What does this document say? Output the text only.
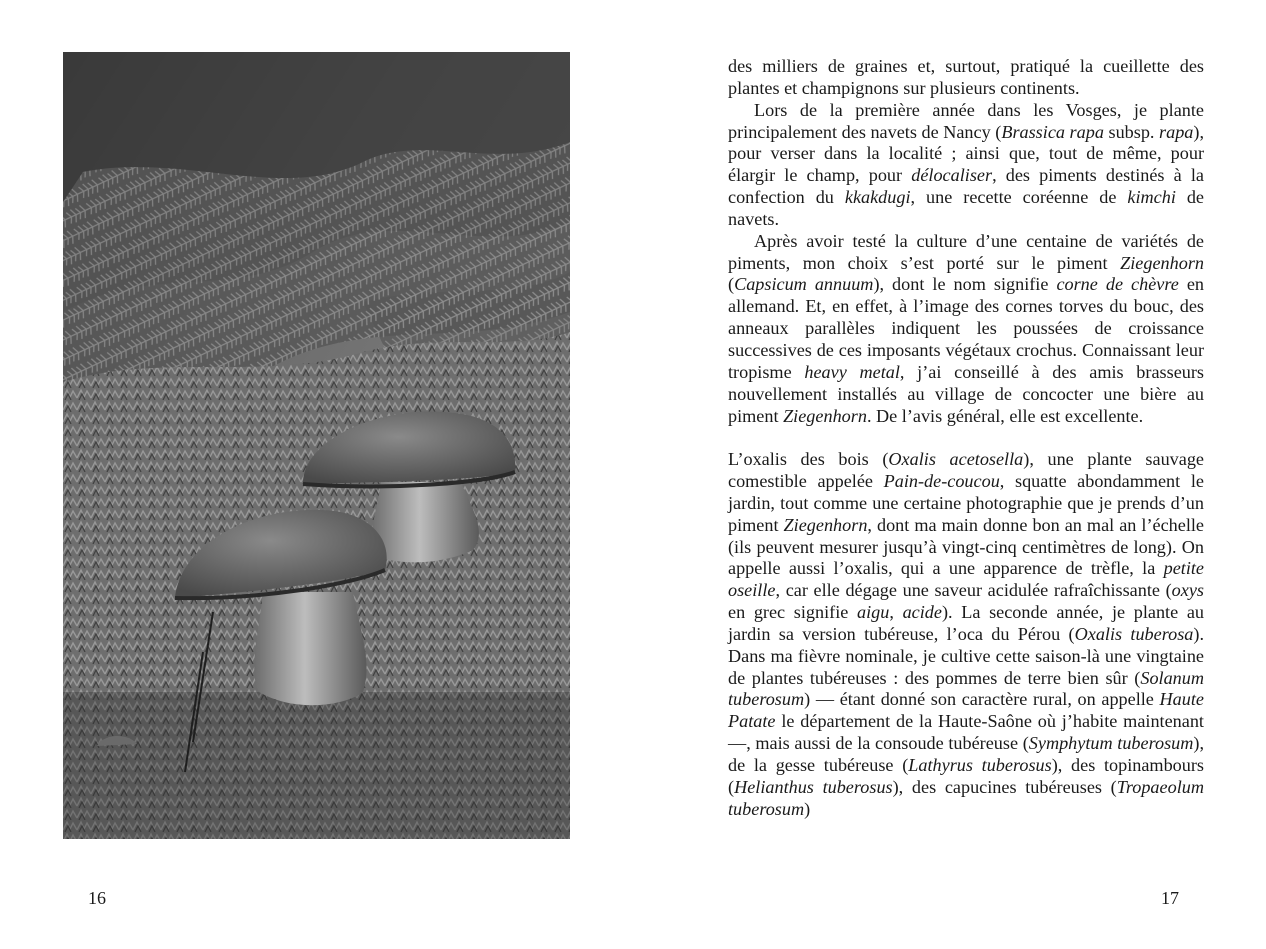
16

des milliers de graines et, surtout, pratiqué la cueillette des plantes et champignons sur plusieurs continents.

Lors de la première année dans les Vosges, je plante principalement des navets de Nancy (Brassica rapa subsp. rapa), pour verser dans la localité ; ainsi que, tout de même, pour élargir le champ, pour délocaliser, des piments destinés à la confection du kkakdugi, une recette coréenne de kimchi de navets.

Après avoir testé la culture d’une centaine de variétés de piments, mon choix s’est porté sur le piment Ziegenhorn (Capsicum annuum), dont le nom signifie corne de chèvre en allemand. Et, en effet, à l’image des cornes torves du bouc, des anneaux parallèles indiquent les poussées de croissance successives de ces imposants végétaux crochus. Connaissant leur tropisme heavy metal, j’ai conseillé à des amis brasseurs nouvellement installés au village de concocter une bière au piment Ziegenhorn. De l’avis général, elle est excellente.

L’oxalis des bois (Oxalis acetosella), une plante sauvage comestible appelée Pain-de-coucou, squatte abondamment le jardin, tout comme une certaine photographie que je prends d’un piment Ziegenhorn, dont ma main donne bon an mal an l’échelle (ils peuvent mesurer jusqu’à vingt-cinq centimètres de long). On appelle aussi l’oxalis, qui a une apparence de trèfle, la petite oseille, car elle dégage une saveur acidulée rafraîchissante (oxys en grec signifie aigu, acide). La seconde année, je plante au jardin sa version tubéreuse, l’oca du Pérou (Oxalis tuberosa). Dans ma fièvre nominale, je cultive cette saison-là une vingtaine de plantes tubéreuses : des pommes de terre bien sûr (Solanum tuberosum) — étant donné son caractère rural, on appelle Haute Patate le département de la Haute-Saône où j’habite maintenant —, mais aussi de la consoude tubéreuse (Symphytum tuberosum), de la gesse tubéreuse (Lathyrus tuberosus), des topinambours (Helianthus tuberosus), des capucines tubéreuses (Tropaeolum tuberosum)

17
